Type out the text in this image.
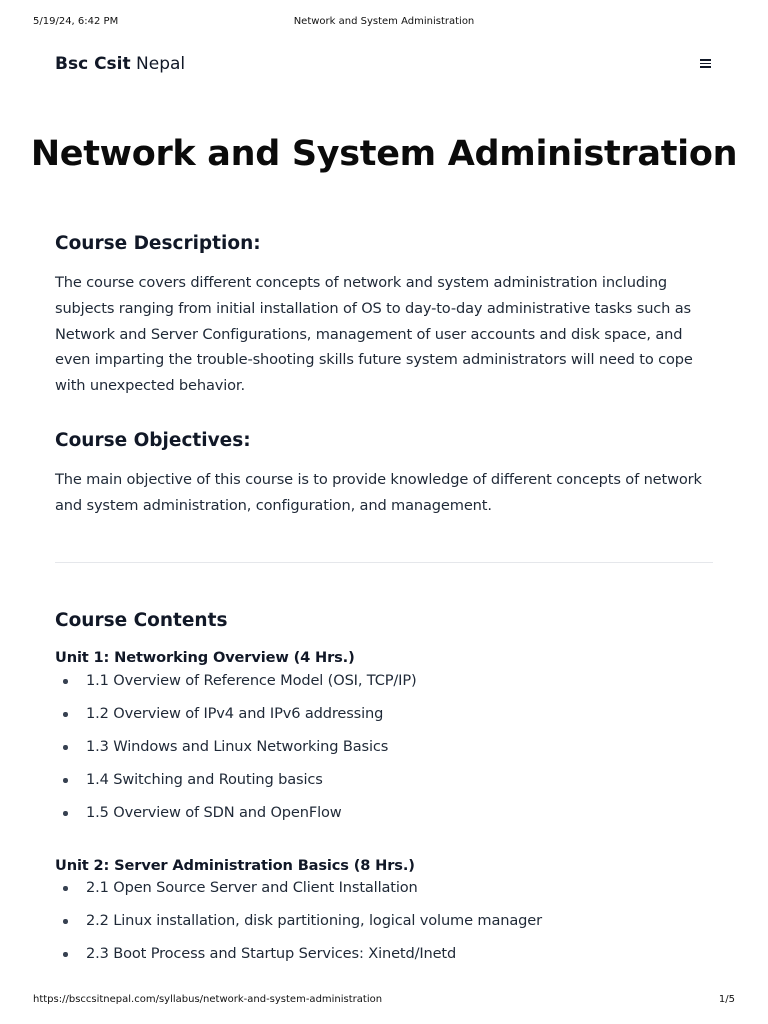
5/19/24, 6:42 PM	Network and System Administration
Bsc Csit Nepal
Network and System Administration
Course Description:

The course covers different concepts of network and system administration including subjects ranging from initial installation of OS to day-to-day administrative tasks such as Network and Server Configurations, management of user accounts and disk space, and even imparting the trouble-shooting skills future system administrators will need to cope with unexpected behavior.

Course Objectives:

The main objective of this course is to provide knowledge of different concepts of network and system administration, configuration, and management.

Course Contents
Unit 1: Networking Overview (4 Hrs.)
1.1 Overview of Reference Model (OSI, TCP/IP)
1.2 Overview of IPv4 and IPv6 addressing
1.3 Windows and Linux Networking Basics
1.4 Switching and Routing basics
1.5 Overview of SDN and OpenFlow
Unit 2: Server Administration Basics (8 Hrs.)
2.1 Open Source Server and Client Installation
2.2 Linux installation, disk partitioning, logical volume manager
2.3 Boot Process and Startup Services: Xinetd/Inetd
https://bsccsitnepal.com/syllabus/network-and-system-administration	1/5
